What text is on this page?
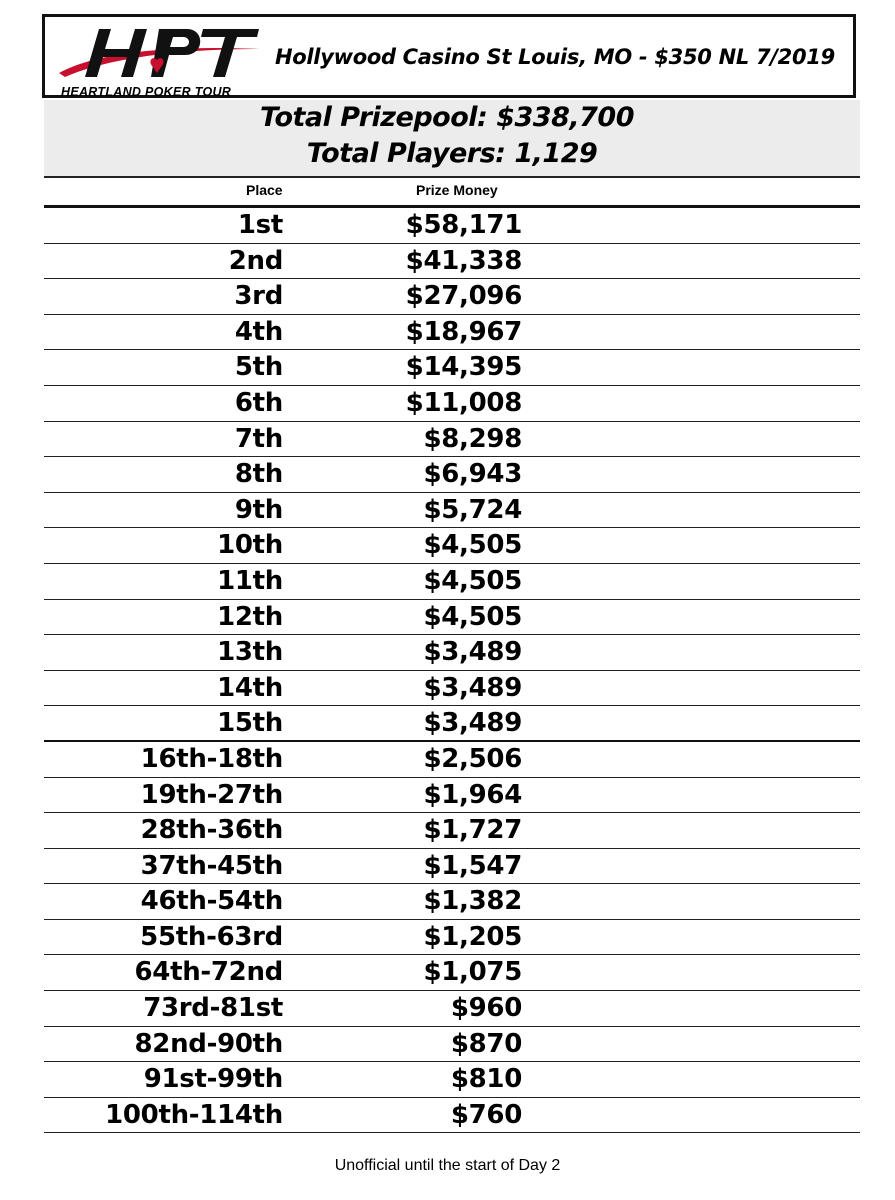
HEARTLAND POKER TOUR
Hollywood Casino St Louis, MO - $350 NL 7/2019
Total Prizepool: $338,700
Total Players: 1,129
Place	Prize Money
1st	$58,171
2nd	$41,338
3rd	$27,096
4th	$18,967
5th	$14,395
6th	$11,008
7th	$8,298
8th	$6,943
9th	$5,724
10th	$4,505
11th	$4,505
12th	$4,505
13th	$3,489
14th	$3,489
15th	$3,489
16th-18th	$2,506
19th-27th	$1,964
28th-36th	$1,727
37th-45th	$1,547
46th-54th	$1,382
55th-63rd	$1,205
64th-72nd	$1,075
73rd-81st	$960
82nd-90th	$870
91st-99th	$810
100th-114th	$760
Unofficial until the start of Day 2
